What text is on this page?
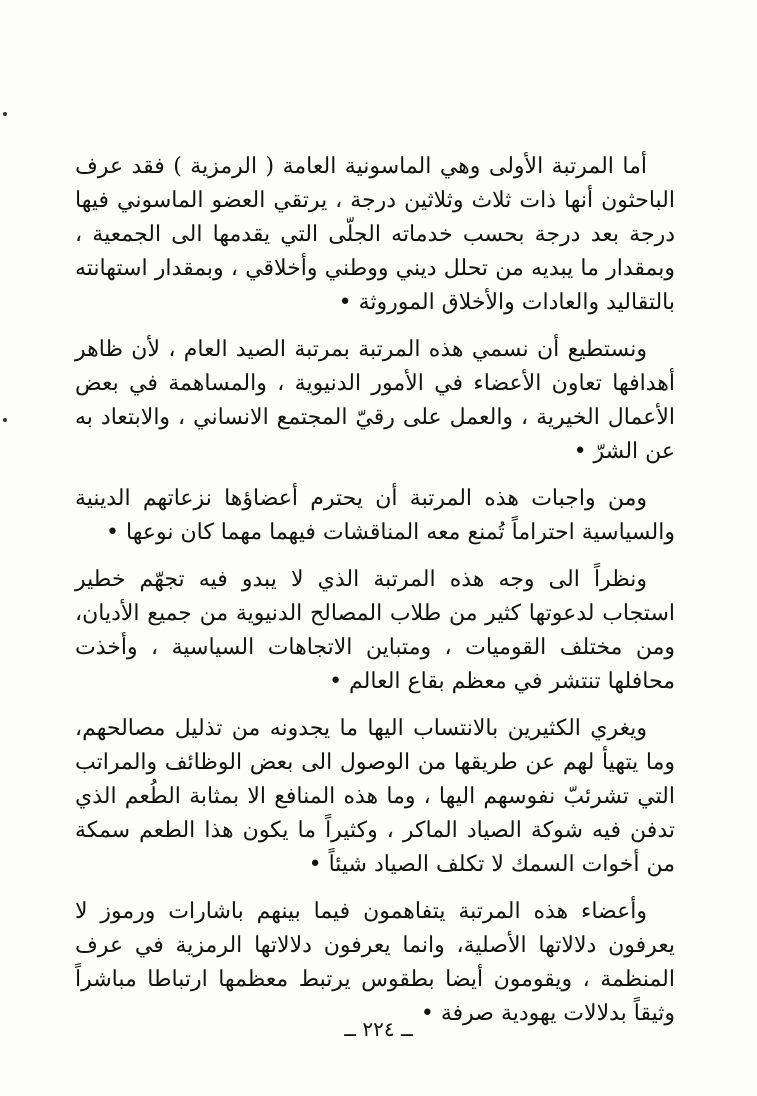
أما المرتبة الأولى وهي الماسونية العامة ( الرمزية ) فقد عرف الباحثون أنها ذات ثلاث وثلاثين درجة ، يرتقي العضو الماسوني فيها درجة بعد درجة بحسب خدماته الجلّى التي يقدمها الى الجمعية ، وبمقدار ما يبديه من تحلل ديني ووطني وأخلاقي ، وبمقدار استهانته بالتقاليد والعادات والأخلاق الموروثة •

ونستطيع أن نسمي هذه المرتبة بمرتبة الصيد العام ، لأن ظاهر أهدافها تعاون الأعضاء في الأمور الدنيوية ، والمساهمة في بعض الأعمال الخيرية ، والعمل على رقيّ المجتمع الانساني ، والابتعاد به عن الشرّ •

ومن واجبات هذه المرتبة أن يحترم أعضاؤها نزعاتهم الدينية والسياسية احتراماً تُمنع معه المناقشات فيهما مهما كان نوعها •

ونظراً الى وجه هذه المرتبة الذي لا يبدو فيه تجهّم خطير استجاب لدعوتها كثير من طلاب المصالح الدنيوية من جميع الأديان، ومن مختلف القوميات ، ومتباين الاتجاهات السياسية ، وأخذت محافلها تنتشر في معظم بقاع العالم •

ويغري الكثيرين بالانتساب اليها ما يجدونه من تذليل مصالحهم، وما يتهيأ لهم عن طريقها من الوصول الى بعض الوظائف والمراتب التي تشرئبّ نفوسهم اليها ، وما هذه المنافع الا بمثابة الطُعم الذي تدفن فيه شوكة الصياد الماكر ، وكثيراً ما يكون هذا الطعم سمكة من أخوات السمك لا تكلف الصياد شيئاً •

وأعضاء هذه المرتبة يتفاهمون فيما بينهم باشارات ورموز لا يعرفون دلالاتها الأصلية، وانما يعرفون دلالاتها الرمزية في عرف المنظمة ، ويقومون أيضا بطقوس يرتبط معظمها ارتباطا مباشراً وثيقاً بدلالات يهودية صرفة •

ــ ٢٢٤ ــ
